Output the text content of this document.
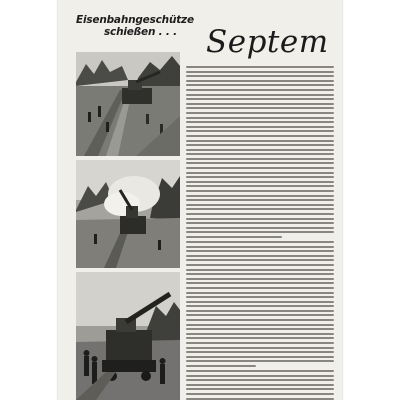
Eisenbahngeschütze
schießen . . . Septem
